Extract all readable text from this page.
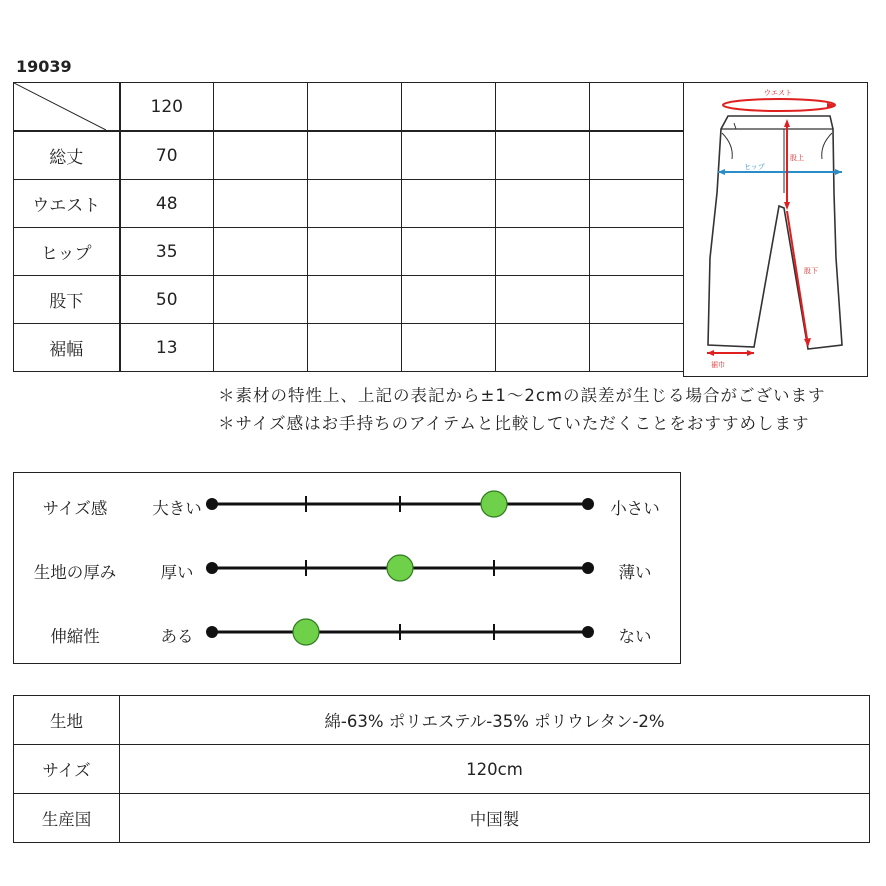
19039
	120					
総丈	70					
ウエスト	48					
ヒップ	35					
股下	50					
裾幅	13					
ウエスト
ヒップ
股上
股下
裾巾
＊素材の特性上、上記の表記から±1〜2cmの誤差が生じる場合がございます
＊サイズ感はお手持ちのアイテムと比較していただくことをおすすめします
サイズ感	大きい	小さい
生地の厚み	厚い	薄い
伸縮性	ある	ない
生地	綿-63% ポリエステル-35% ポリウレタン-2%
サイズ	120cm
生産国	中国製
